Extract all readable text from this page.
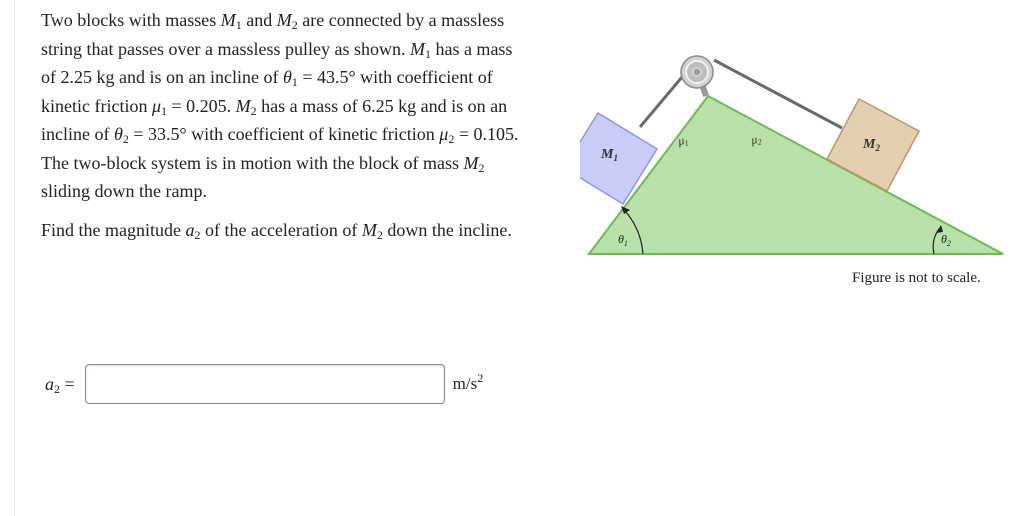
Two blocks with masses $M_1$ and $M_2$ are connected by a massless string that passes over a massless pulley as shown. $M_1$ has a mass of 2.25 kg and is on an incline of $\theta_1 = 43.5^\circ$ with coefficient of kinetic friction $\mu_1 = 0.205$. $M_2$ has a mass of 6.25 kg and is on an incline of $\theta_2 = 33.5^\circ$ with coefficient of kinetic friction $\mu_2 = 0.105$. The two-block system is in motion with the block of mass $M_2$ sliding down the ramp.

Find the magnitude $a_2$ of the acceleration of $M_2$ down the incline.

$a_2$ =	$m/s^2$
$M_1$
$M_2$
μ1	μ2
$\theta_1$	$\theta_2$
Figure is not to scale.
